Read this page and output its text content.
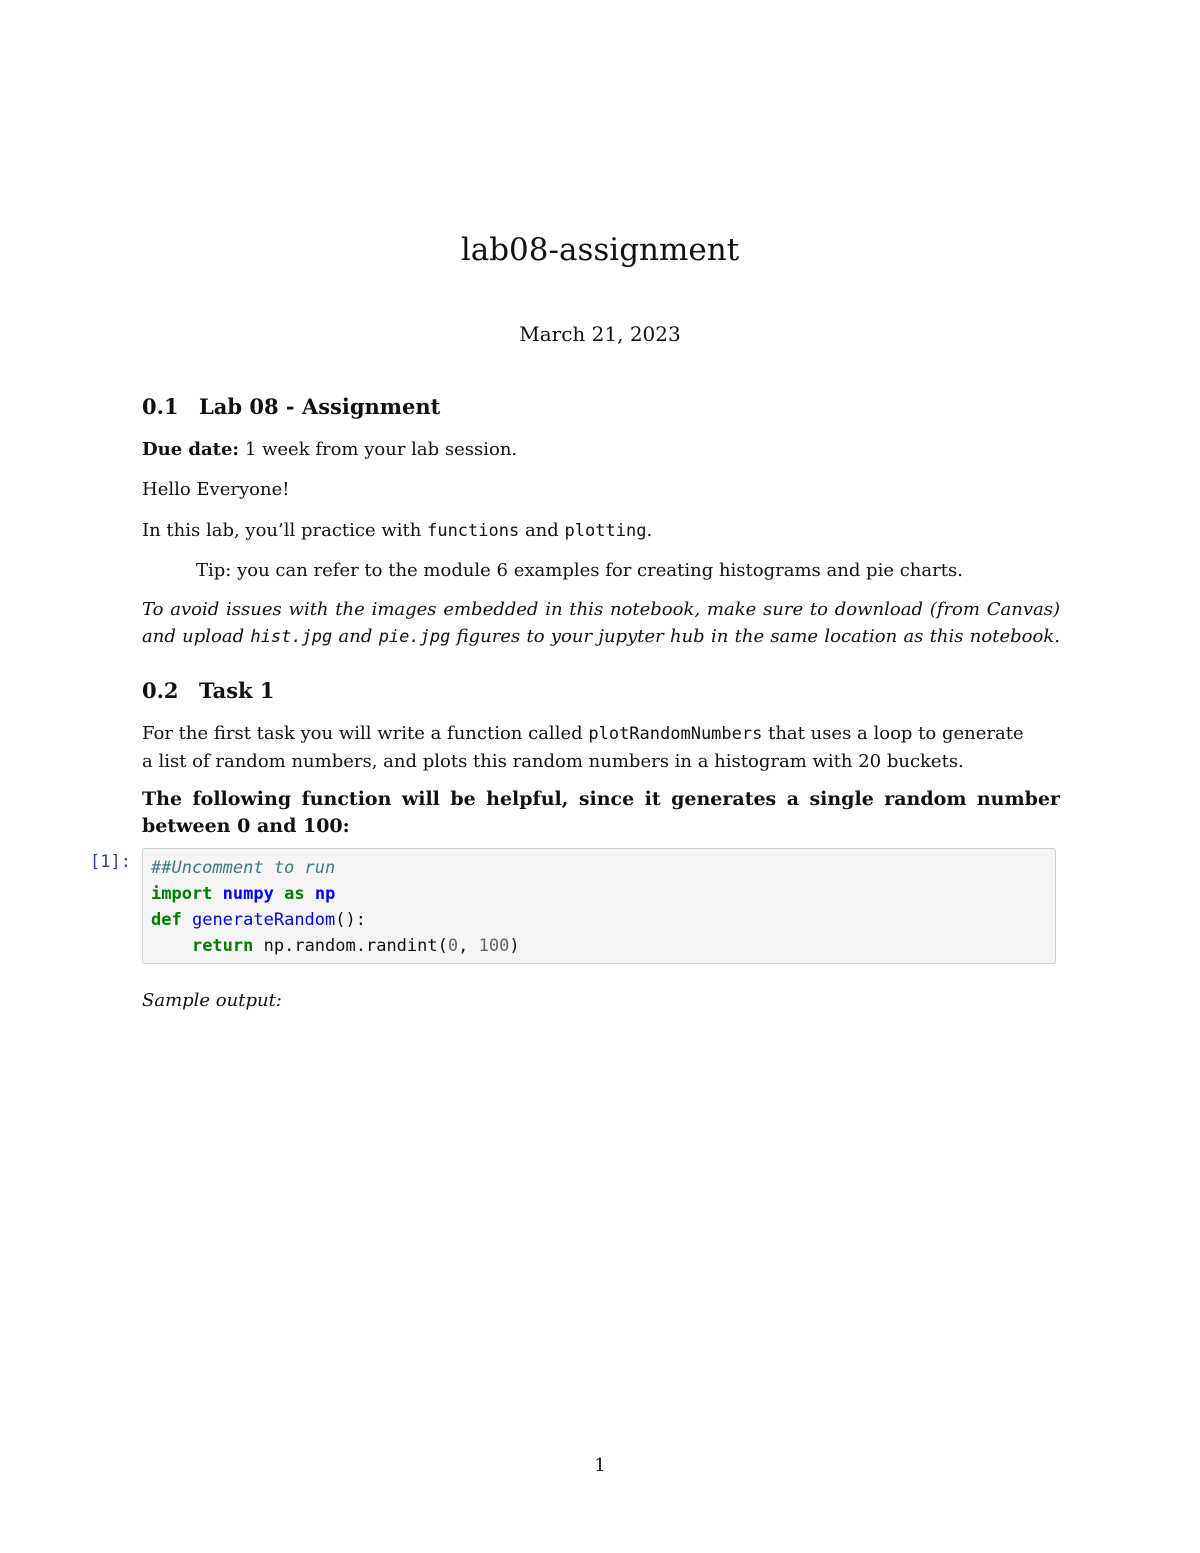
lab08-assignment
March 21, 2023
0.1 Lab 08 - Assignment
Due date: 1 week from your lab session.
Hello Everyone!
In this lab, you’ll practice with functions and plotting.
Tip: you can refer to the module 6 examples for creating histograms and pie charts.
To avoid issues with the images embedded in this notebook, make sure to download (from Canvas)
and upload hist.jpg and pie.jpg figures to your jupyter hub in the same location as this notebook.
0.2 Task 1
For the first task you will write a function called plotRandomNumbers that uses a loop to generate
a list of random numbers, and plots this random numbers in a histogram with 20 buckets.
The following function will be helpful, since it generates a single random number
between 0 and 100:
[1]:	##Uncomment to run
import numpy as np
def generateRandom():
return np.random.randint(0, 100)
Sample output:
1
